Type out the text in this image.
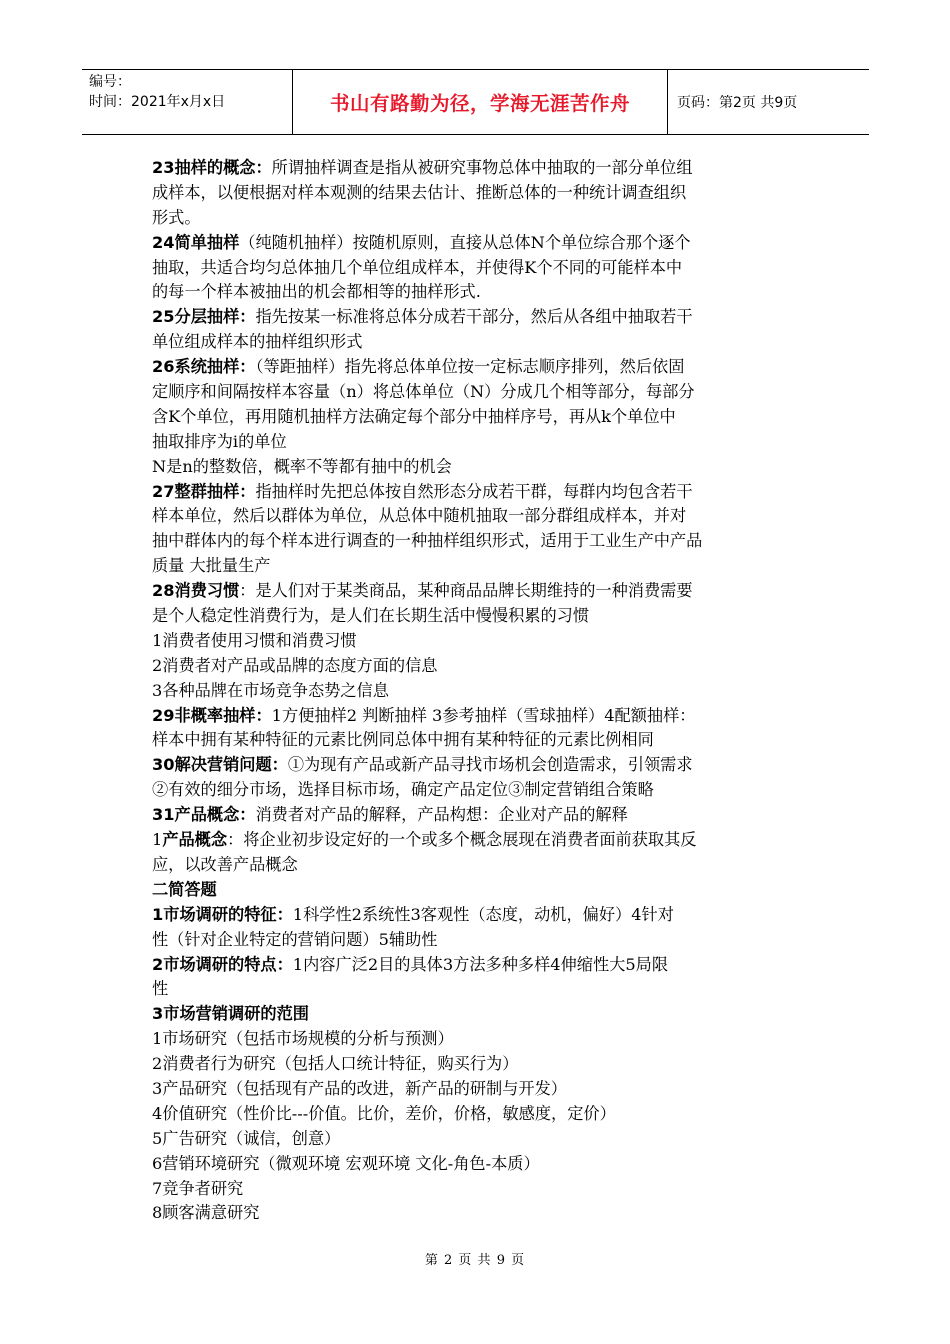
编号：
时间：2021年x月x日	书山有路勤为径，学海无涯苦作舟	页码：第2页 共9页
23抽样的概念：所谓抽样调查是指从被研究事物总体中抽取的一部分单位组
成样本，以便根据对样本观测的结果去估计、推断总体的一种统计调查组织
形式。
24简单抽样（纯随机抽样）按随机原则，直接从总体N个单位综合那个逐个
抽取，共适合均匀总体抽几个单位组成样本，并使得K个不同的可能样本中
的每一个样本被抽出的机会都相等的抽样形式.
25分层抽样：指先按某一标准将总体分成若干部分，然后从各组中抽取若干
单位组成样本的抽样组织形式
26系统抽样：（等距抽样）指先将总体单位按一定标志顺序排列，然后依固
定顺序和间隔按样本容量（n）将总体单位（N）分成几个相等部分，每部分
含K个单位，再用随机抽样方法确定每个部分中抽样序号，再从k个单位中
抽取排序为i的单位
N是n的整数倍，概率不等都有抽中的机会
27整群抽样：指抽样时先把总体按自然形态分成若干群，每群内均包含若干
样本单位，然后以群体为单位，从总体中随机抽取一部分群组成样本，并对
抽中群体内的每个样本进行调查的一种抽样组织形式，适用于工业生产中产品
质量 大批量生产
28消费习惯：是人们对于某类商品，某种商品品牌长期维持的一种消费需要
是个人稳定性消费行为，是人们在长期生活中慢慢积累的习惯
1消费者使用习惯和消费习惯
2消费者对产品或品牌的态度方面的信息
3各种品牌在市场竞争态势之信息
29非概率抽样：1方便抽样2 判断抽样 3参考抽样（雪球抽样）4配额抽样：
样本中拥有某种特征的元素比例同总体中拥有某种特征的元素比例相同
30解决营销问题：①为现有产品或新产品寻找市场机会创造需求，引领需求
②有效的细分市场，选择目标市场，确定产品定位③制定营销组合策略
31产品概念：消费者对产品的解释，产品构想：企业对产品的解释
1产品概念：将企业初步设定好的一个或多个概念展现在消费者面前获取其反
应，以改善产品概念
二简答题
1市场调研的特征：1科学性2系统性3客观性（态度，动机，偏好）4针对
性（针对企业特定的营销问题）5辅助性
2市场调研的特点：1内容广泛2目的具体3方法多种多样4伸缩性大5局限
性
3市场营销调研的范围
1市场研究（包括市场规模的分析与预测）
2消费者行为研究（包括人口统计特征，购买行为）
3产品研究（包括现有产品的改进，新产品的研制与开发）
4价值研究（性价比---价值。比价，差价，价格，敏感度，定价）
5广告研究（诚信，创意）
6营销环境研究（微观环境 宏观环境 文化-角色-本质）
7竞争者研究
8顾客满意研究
第 2 页 共 9 页
